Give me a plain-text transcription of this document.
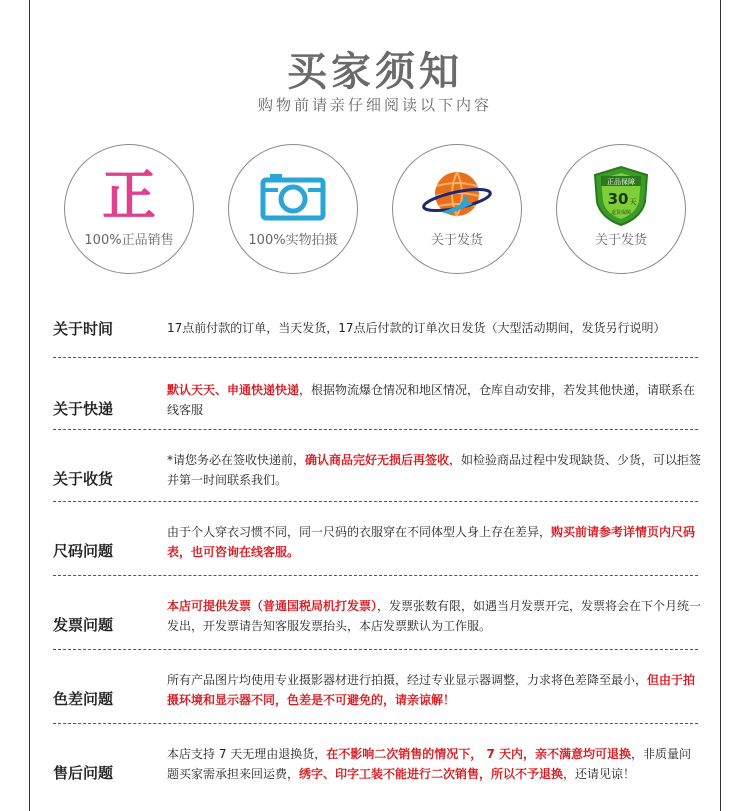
买家须知
购物前请亲仔细阅读以下内容
正
100%正品销售	100%实物拍摄	关于发货
正品保障
30 天
退货保障
关于发货
关于时间	17点前付款的订单，当天发货，17点后付款的订单次日发货（大型活动期间，发货另行说明）
关于快递
默认天天、申通快递快递，根据物流爆仓情况和地区情况，仓库自动安排，若发其他快递，请联系在线客服
关于收货
*请您务必在签收快递前，确认商品完好无损后再签收，如检验商品过程中发现缺货、少货，可以拒签并第一时间联系我们。
尺码问题
由于个人穿衣习惯不同，同一尺码的衣服穿在不同体型人身上存在差异，购买前请参考详情页内尺码表，也可咨询在线客服。
发票问题
本店可提供发票（普通国税局机打发票），发票张数有限，如遇当月发票开完，发票将会在下个月统一发出，开发票请告知客服发票抬头，本店发票默认为工作服。
色差问题
所有产品图片均使用专业摄影器材进行拍摄，经过专业显示器调整，力求将色差降至最小，但由于拍摄环境和显示器不同，色差是不可避免的，请亲谅解！
售后问题
本店支持 7 天无理由退换货，在不影响二次销售的情况下， 7 天内，亲不满意均可退换，非质量问题买家需承担来回运费，绣字、印字工装不能进行二次销售，所以不予退换，还请见谅！
